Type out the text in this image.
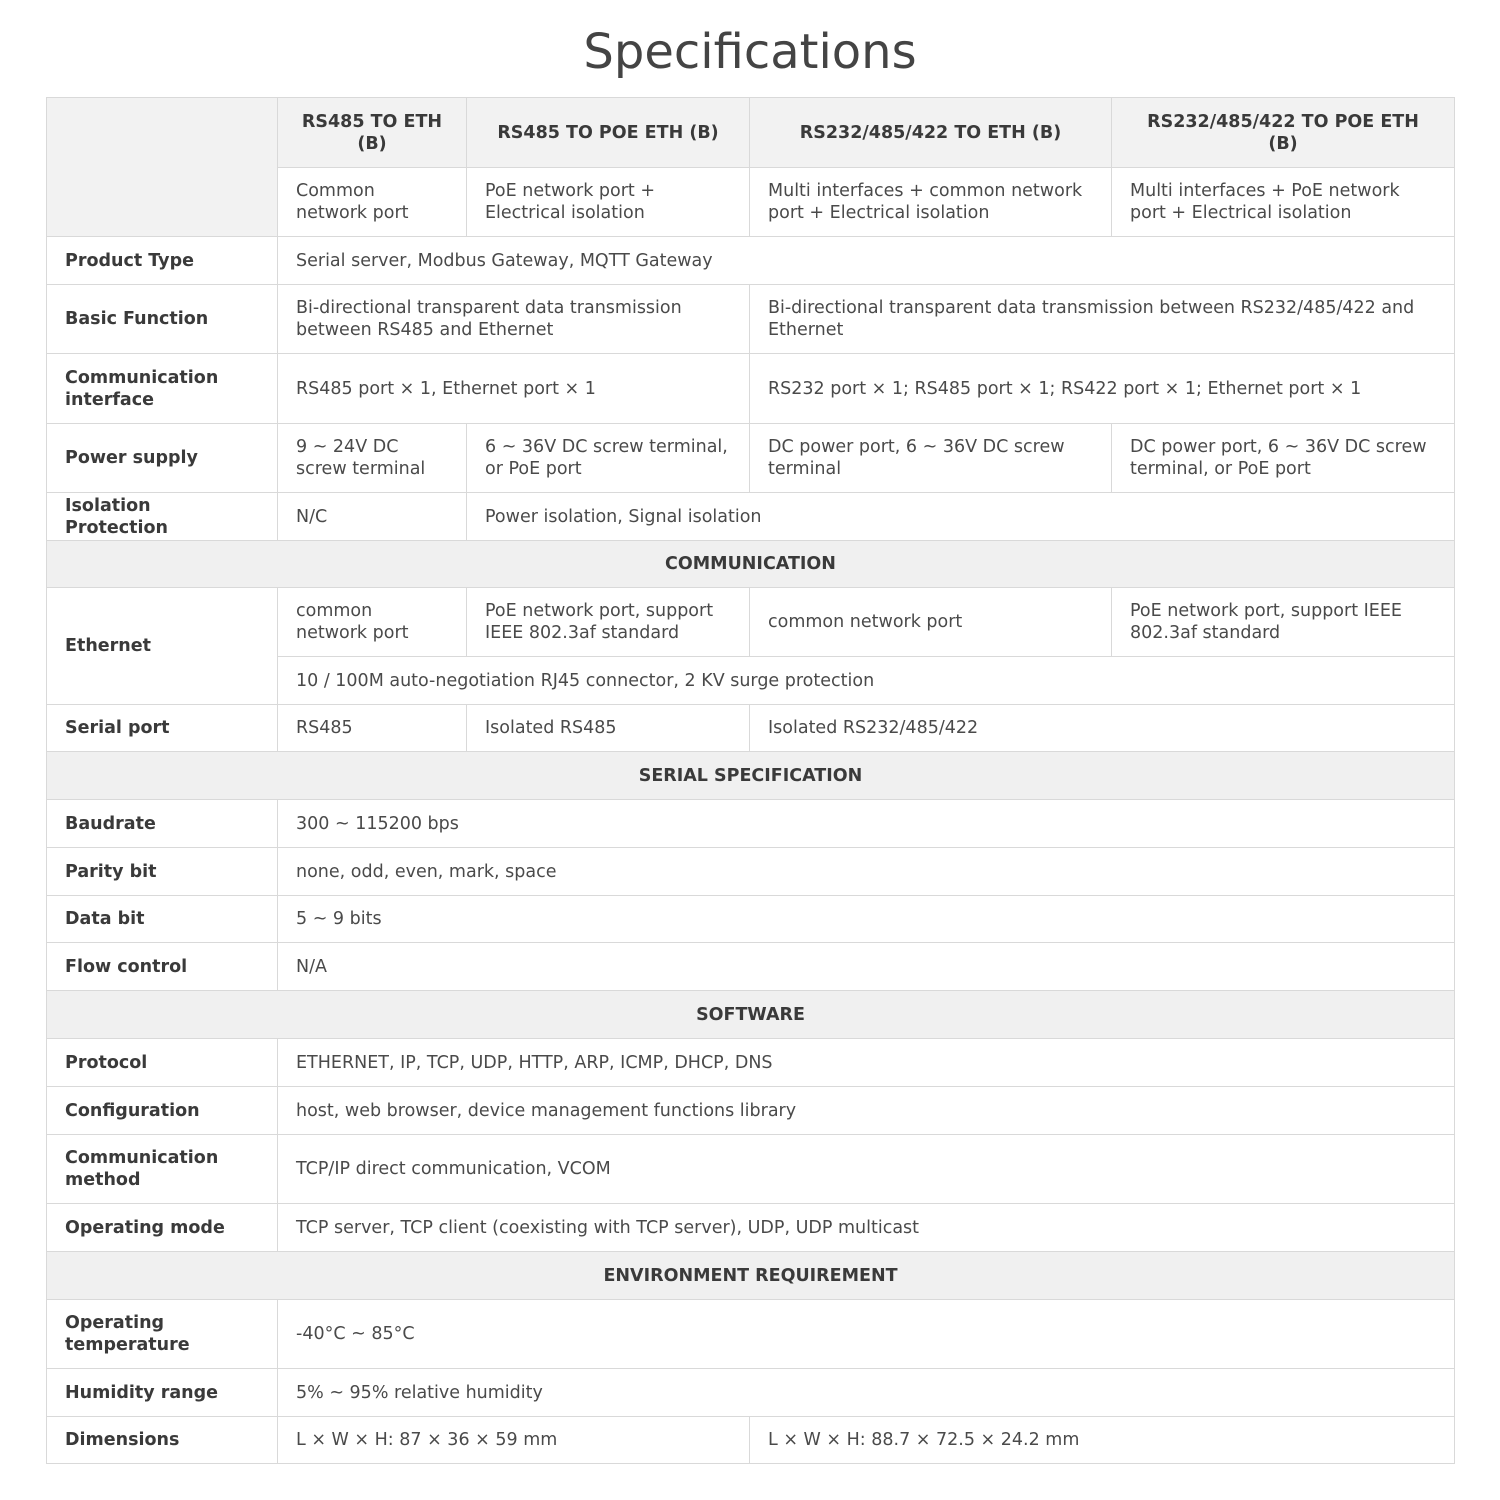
Specifications
	RS485 TO ETH (B)	RS485 TO POE ETH (B)	RS232/485/422 TO ETH (B)	RS232/485/422 TO POE ETH (B)
	Common network port	PoE network port + Electrical isolation	Multi interfaces + common network port + Electrical isolation	Multi interfaces + PoE network port + Electrical isolation
Product Type	Serial server, Modbus Gateway, MQTT Gateway			
Basic Function	Bi-directional transparent data transmission between RS485 and Ethernet		Bi-directional transparent data transmission between RS232/485/422 and Ethernet	
Communication interface	RS485 port × 1, Ethernet port × 1		RS232 port × 1; RS485 port × 1; RS422 port × 1; Ethernet port × 1	
Power supply	9 ~ 24V DC screw terminal	6 ~ 36V DC screw terminal, or PoE port	DC power port, 6 ~ 36V DC screw terminal	DC power port, 6 ~ 36V DC screw terminal, or PoE port
Isolation Protection	N/C	Power isolation, Signal isolation		
COMMUNICATION				
Ethernet	common network port	PoE network port, support IEEE 802.3af standard	common network port	PoE network port, support IEEE 802.3af standard
	10 / 100M auto-negotiation RJ45 connector, 2 KV surge protection			
Serial port	RS485	Isolated RS485	Isolated RS232/485/422	
SERIAL SPECIFICATION				
Baudrate	300 ~ 115200 bps			
Parity bit	none, odd, even, mark, space			
Data bit	5 ~ 9 bits			
Flow control	N/A			
SOFTWARE				
Protocol	ETHERNET, IP, TCP, UDP, HTTP, ARP, ICMP, DHCP, DNS			
Configuration	host, web browser, device management functions library			
Communication method	TCP/IP direct communication, VCOM			
Operating mode	TCP server, TCP client (coexisting with TCP server), UDP, UDP multicast			
ENVIRONMENT REQUIREMENT				
Operating temperature	-40°C ~ 85°C			
Humidity range	5% ~ 95% relative humidity			
Dimensions	L × W × H: 87 × 36 × 59 mm		L × W × H: 88.7 × 72.5 × 24.2 mm	
